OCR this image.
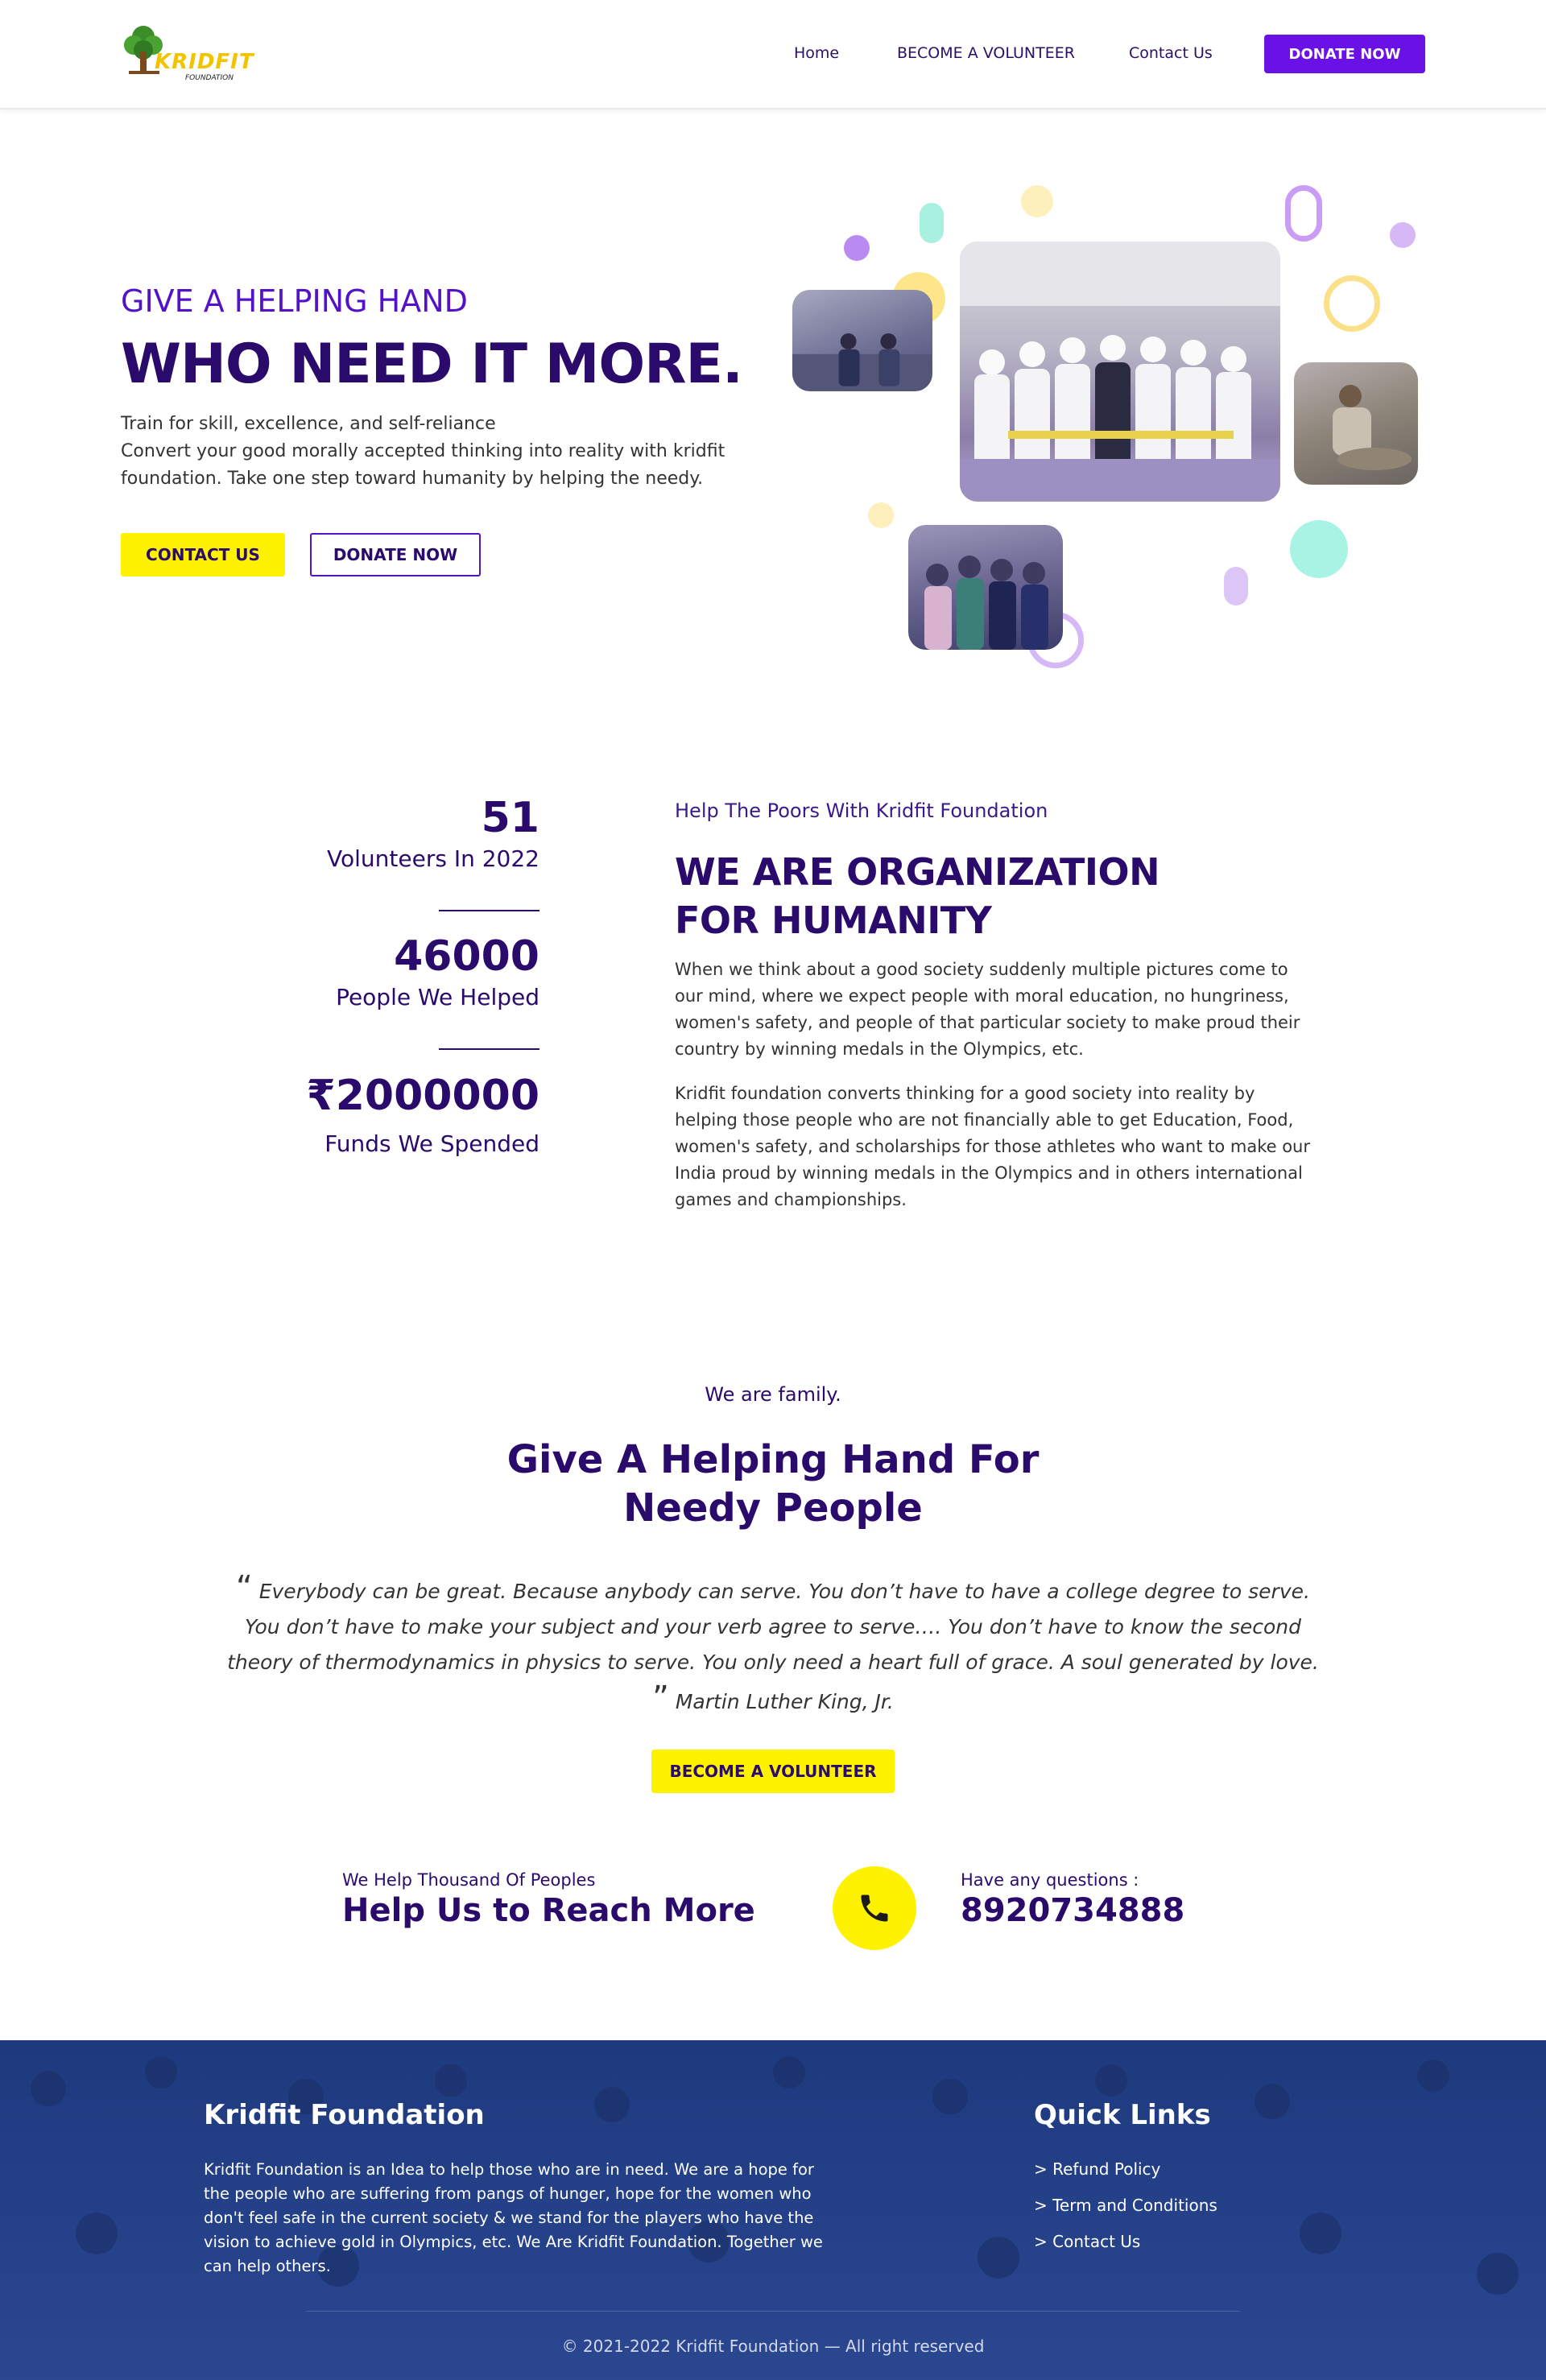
KRIDFIT
FOUNDATION
Home	BECOME A VOLUNTEER	Contact Us	DONATE NOW
GIVE A HELPING HAND
WHO NEED IT MORE.
Train for skill, excellence, and self-reliance
Convert your good morally accepted thinking into reality with kridfit foundation. Take one step toward humanity by helping the needy.
CONTACT US	DONATE NOW
51
Volunteers In 2022
46000
People We Helped
₹2000000
Funds We Spended
Help The Poors With Kridfit Foundation
WE ARE ORGANIZATION
FOR HUMANITY
When we think about a good society suddenly multiple pictures come to our mind, where we expect people with moral education, no hungriness, women's safety, and people of that particular society to make proud their country by winning medals in the Olympics, etc.
Kridfit foundation converts thinking for a good society into reality by helping those people who are not financially able to get Education, Food, women's safety, and scholarships for those athletes who want to make our India proud by winning medals in the Olympics and in others international games and championships.
We are family.
Give A Helping Hand For
Needy People
“ Everybody can be great. Because anybody can serve. You don’t have to have a college degree to serve. You don’t have to make your subject and your verb agree to serve…. You don’t have to know the second theory of thermodynamics in physics to serve. You only need a heart full of grace. A soul generated by love. ” Martin Luther King, Jr.
BECOME A VOLUNTEER
We Help Thousand Of Peoples
Help Us to Reach More
Have any questions :
8920734888
Kridfit Foundation
Kridfit Foundation is an Idea to help those who are in need. We are a hope for the people who are suffering from pangs of hunger, hope for the women who don't feel safe in the current society & we stand for the players who have the vision to achieve gold in Olympics, etc. We Are Kridfit Foundation. Together we can help others.
Quick Links
> Refund Policy
> Term and Conditions
> Contact Us
© 2021-2022 Kridfit Foundation — All right reserved
